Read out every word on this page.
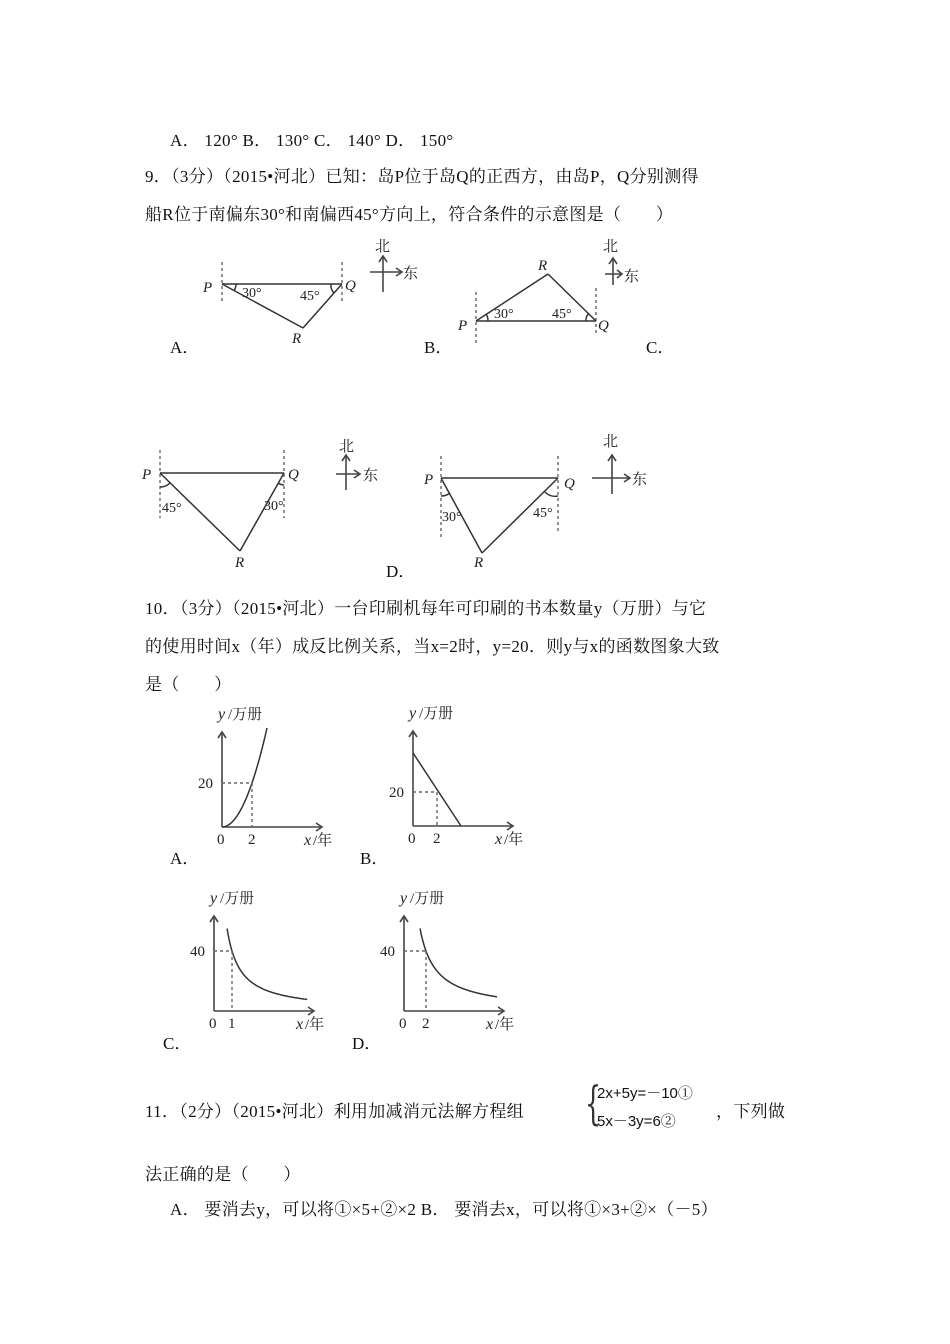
A． 120° B． 130° C． 140° D． 150°
9．（3分）（2015•河北）已知：岛P位于岛Q的正西方，由岛P，Q分别测得
船R位于南偏东30°和南偏西45°方向上，符合条件的示意图是（　　）
P	Q
R
30°	45°
北
东
A．
P	Q
R
30°	45°
北
东
B．	C．
P	Q
R
45°	30°
北
东	P	Q
R
30°	45°
北
东
D．
10．（3分）（2015•河北）一台印刷机每年可印刷的书本数量y（万册）与它
的使用时间x（年）成反比例关系，当x=2时，y=20．则y与x的函数图象大致
是（　　）
y /万册
x /年
0
20
2
y /万册
x /年
0
20
2
y /万册
x /年
0
40
1
y /万册
x /年
0
40
2
A．	B．
C．	D．
11．（2分）（2015•河北）利用加减消元法解方程组 {
2x+5y=－10①
5x－3y=6②
，下列做
法正确的是（　　）
A． 要消去y，可以将①×5+②×2 B． 要消去x，可以将①×3+②×（－5）
